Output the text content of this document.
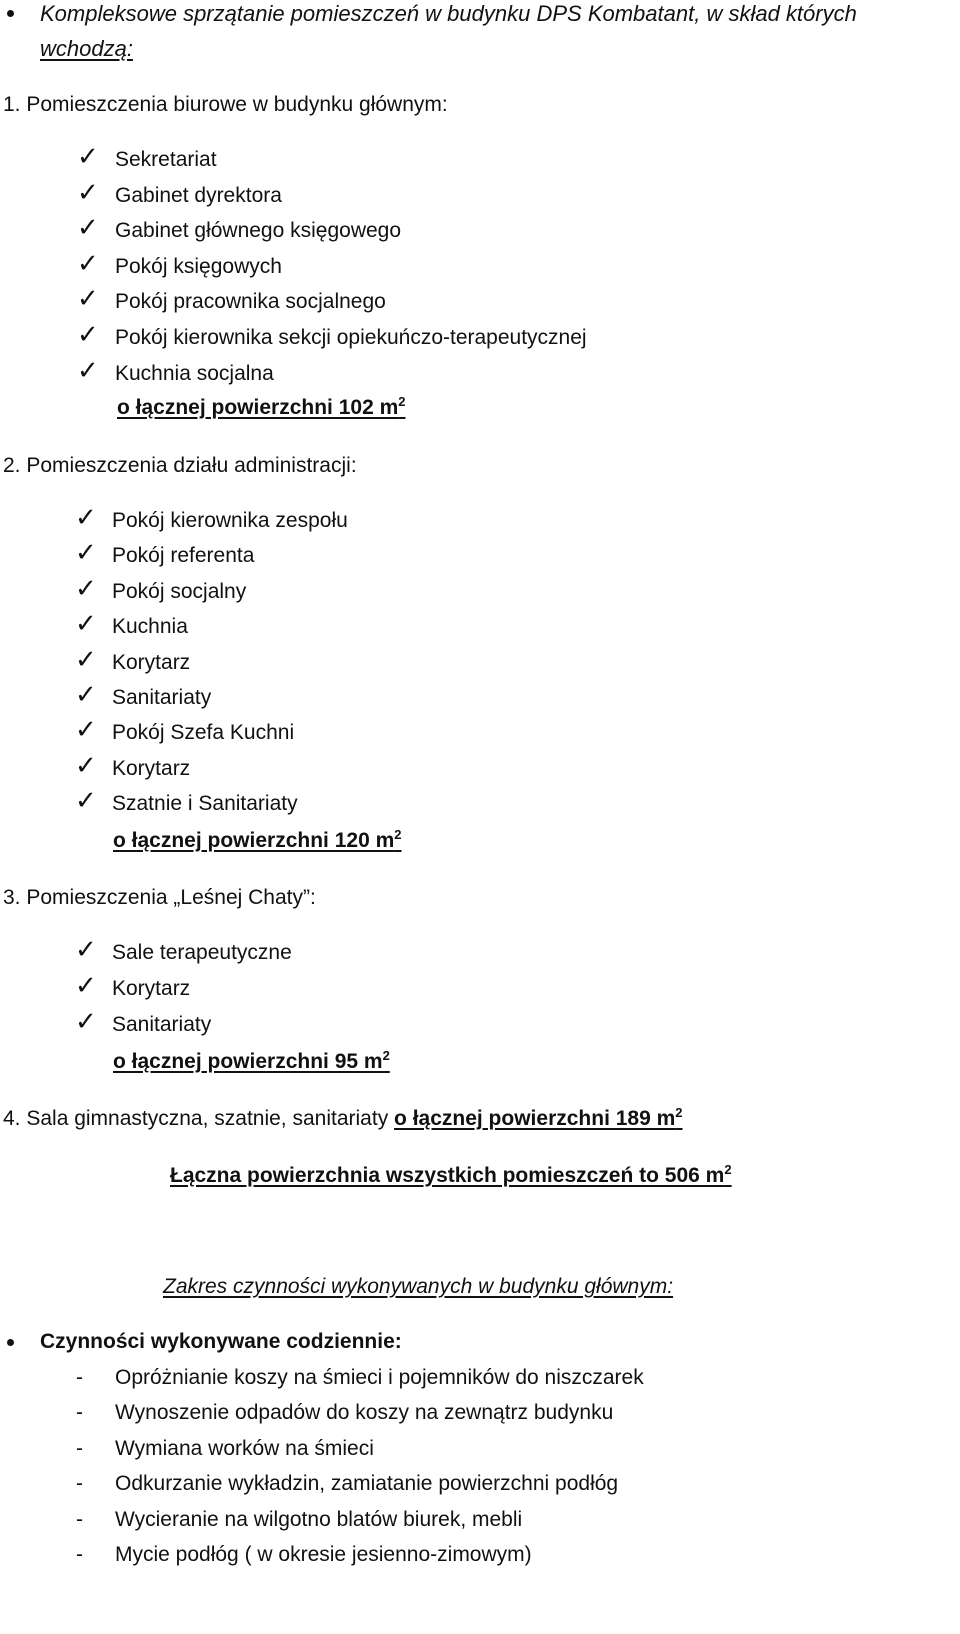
Kompleksowe sprzątanie pomieszczeń w budynku DPS Kombatant, w skład których
wchodzą:
1. Pomieszczenia biurowe w budynku głównym:
✓ Sekretariat
✓ Gabinet dyrektora
✓ Gabinet głównego księgowego
✓ Pokój księgowych
✓ Pokój pracownika socjalnego
✓ Pokój kierownika sekcji opiekuńczo-terapeutycznej
✓ Kuchnia socjalna
o łącznej powierzchni 102 $m^2$
2. Pomieszczenia działu administracji:
✓ Pokój kierownika zespołu
✓ Pokój referenta
✓ Pokój socjalny
✓ Kuchnia
✓ Korytarz
✓ Sanitariaty
✓ Pokój Szefa Kuchni
✓ Korytarz
✓ Szatnie i Sanitariaty
o łącznej powierzchni 120 $m^2$
3. Pomieszczenia „Leśnej Chaty”:
✓ Sale terapeutyczne
✓ Korytarz
✓ Sanitariaty
o łącznej powierzchni 95 $m^2$
4. Sala gimnastyczna, szatnie, sanitariaty o łącznej powierzchni 189 $m^2$
Łączna powierzchnia wszystkich pomieszczeń to 506 $m^2$
Zakres czynności wykonywanych w budynku głównym:
Czynności wykonywane codziennie:
- Opróżnianie koszy na śmieci i pojemników do niszczarek
- Wynoszenie odpadów do koszy na zewnątrz budynku
- Wymiana worków na śmieci
- Odkurzanie wykładzin, zamiatanie powierzchni podłóg
- Wycieranie na wilgotno blatów biurek, mebli
- Mycie podłóg ( w okresie jesienno-zimowym)
